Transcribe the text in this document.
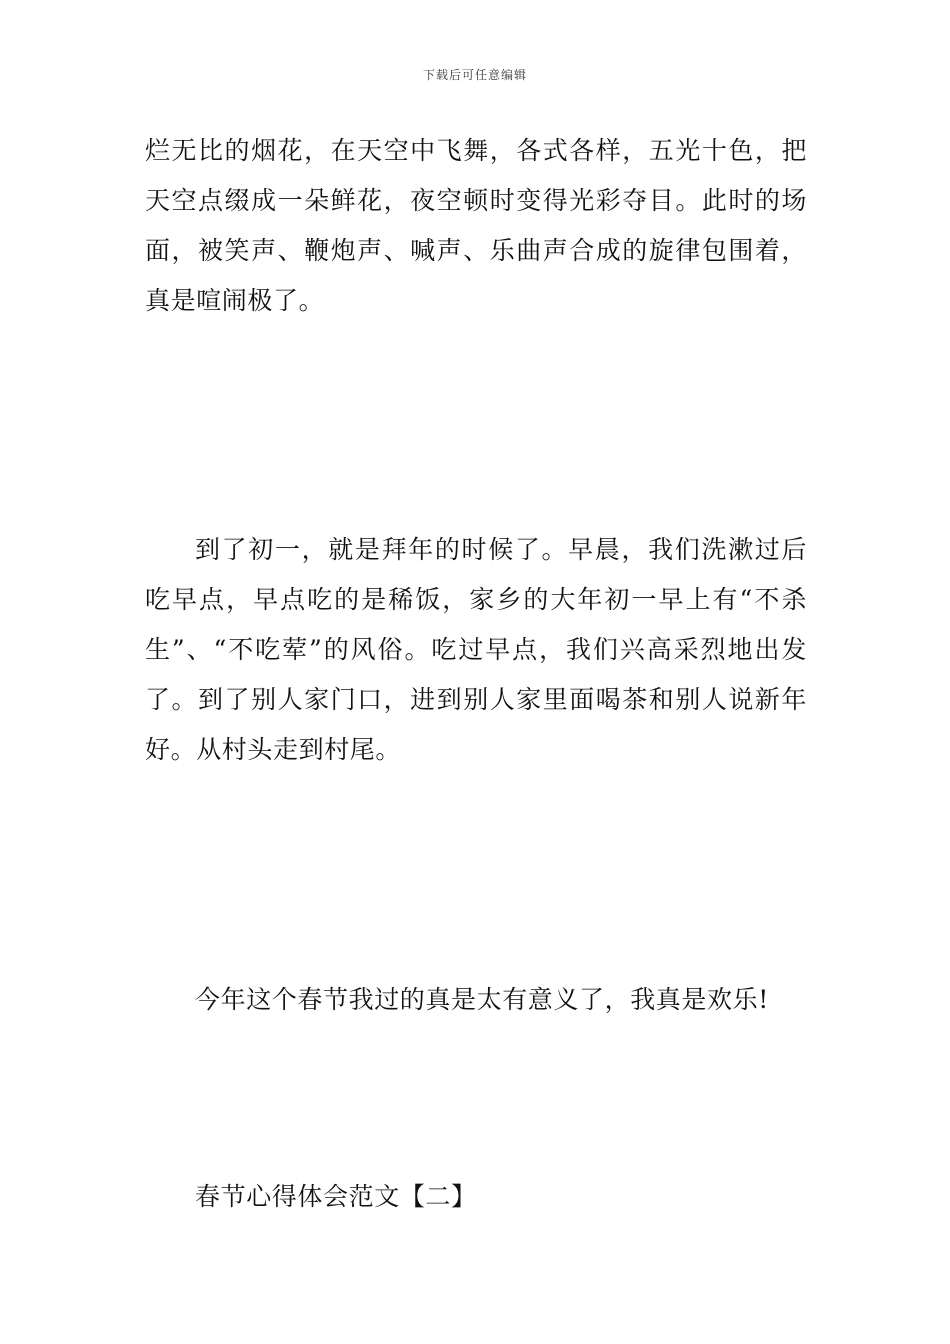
下载后可任意编辑

烂无比的烟花，在天空中飞舞，各式各样，五光十色，把天空点缀成一朵鲜花，夜空顿时变得光彩夺目。此时的场面，被笑声、鞭炮声、喊声、乐曲声合成的旋律包围着，真是喧闹极了。

到了初一，就是拜年的时候了。早晨，我们洗漱过后吃早点，早点吃的是稀饭，家乡的大年初一早上有“不杀生”、“不吃荤”的风俗。吃过早点，我们兴高采烈地出发了。到了别人家门口，进到别人家里面喝茶和别人说新年好。从村头走到村尾。

今年这个春节我过的真是太有意义了，我真是欢乐!

春节心得体会范文【二】
